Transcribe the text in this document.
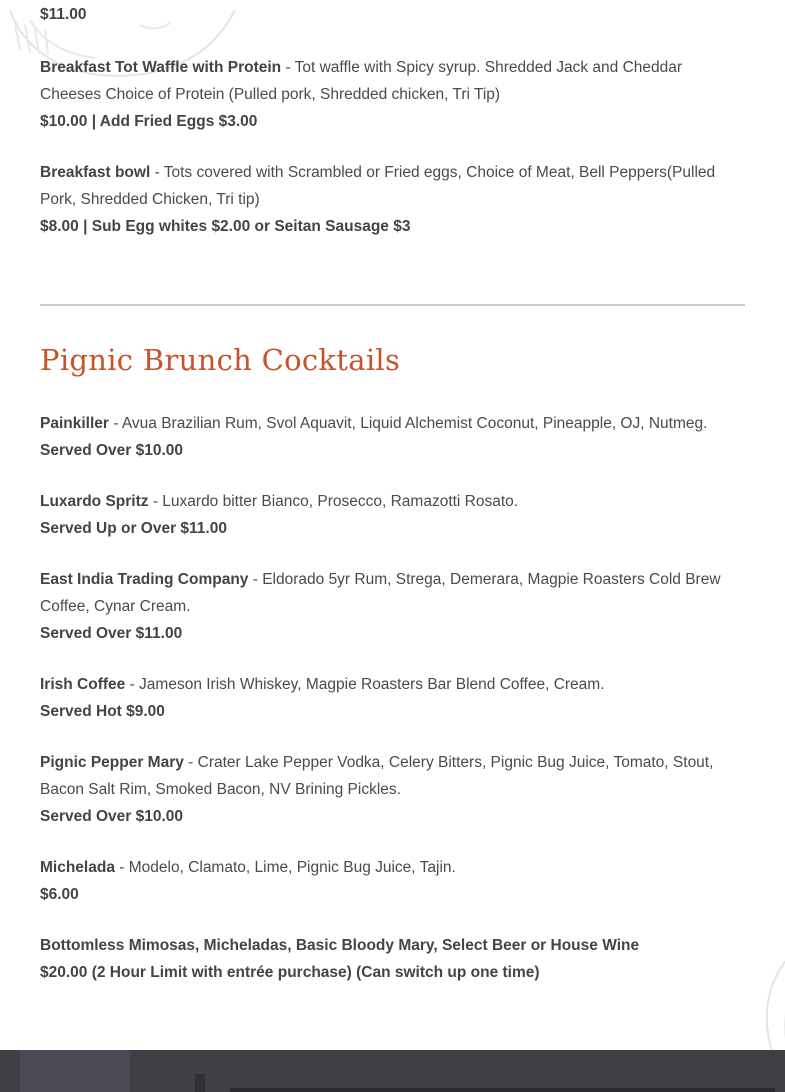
$11.00
Breakfast Tot Waffle with Protein - Tot waffle with Spicy syrup. Shredded Jack and Cheddar Cheeses Choice of Protein (Pulled pork, Shredded chicken, Tri Tip)
$10.00 | Add Fried Eggs $3.00
Breakfast bowl - Tots covered with Scrambled or Fried eggs, Choice of Meat, Bell Peppers(Pulled Pork, Shredded Chicken, Tri tip)
$8.00 | Sub Egg whites $2.00 or Seitan Sausage $3
Pignic Brunch Cocktails
Painkiller - Avua Brazilian Rum, Svol Aquavit, Liquid Alchemist Coconut, Pineapple, OJ, Nutmeg.
Served Over $10.00
Luxardo Spritz - Luxardo bitter Bianco, Prosecco, Ramazotti Rosato.
Served Up or Over $11.00
East India Trading Company - Eldorado 5yr Rum, Strega, Demerara, Magpie Roasters Cold Brew Coffee, Cynar Cream.
Served Over $11.00
Irish Coffee - Jameson Irish Whiskey, Magpie Roasters Bar Blend Coffee, Cream.
Served Hot $9.00
Pignic Pepper Mary - Crater Lake Pepper Vodka, Celery Bitters, Pignic Bug Juice, Tomato, Stout, Bacon Salt Rim, Smoked Bacon, NV Brining Pickles.
Served Over $10.00
Michelada - Modelo, Clamato, Lime, Pignic Bug Juice, Tajin.
$6.00
Bottomless Mimosas, Micheladas, Basic Bloody Mary, Select Beer or House Wine
$20.00 (2 Hour Limit with entrée purchase) (Can switch up one time)
